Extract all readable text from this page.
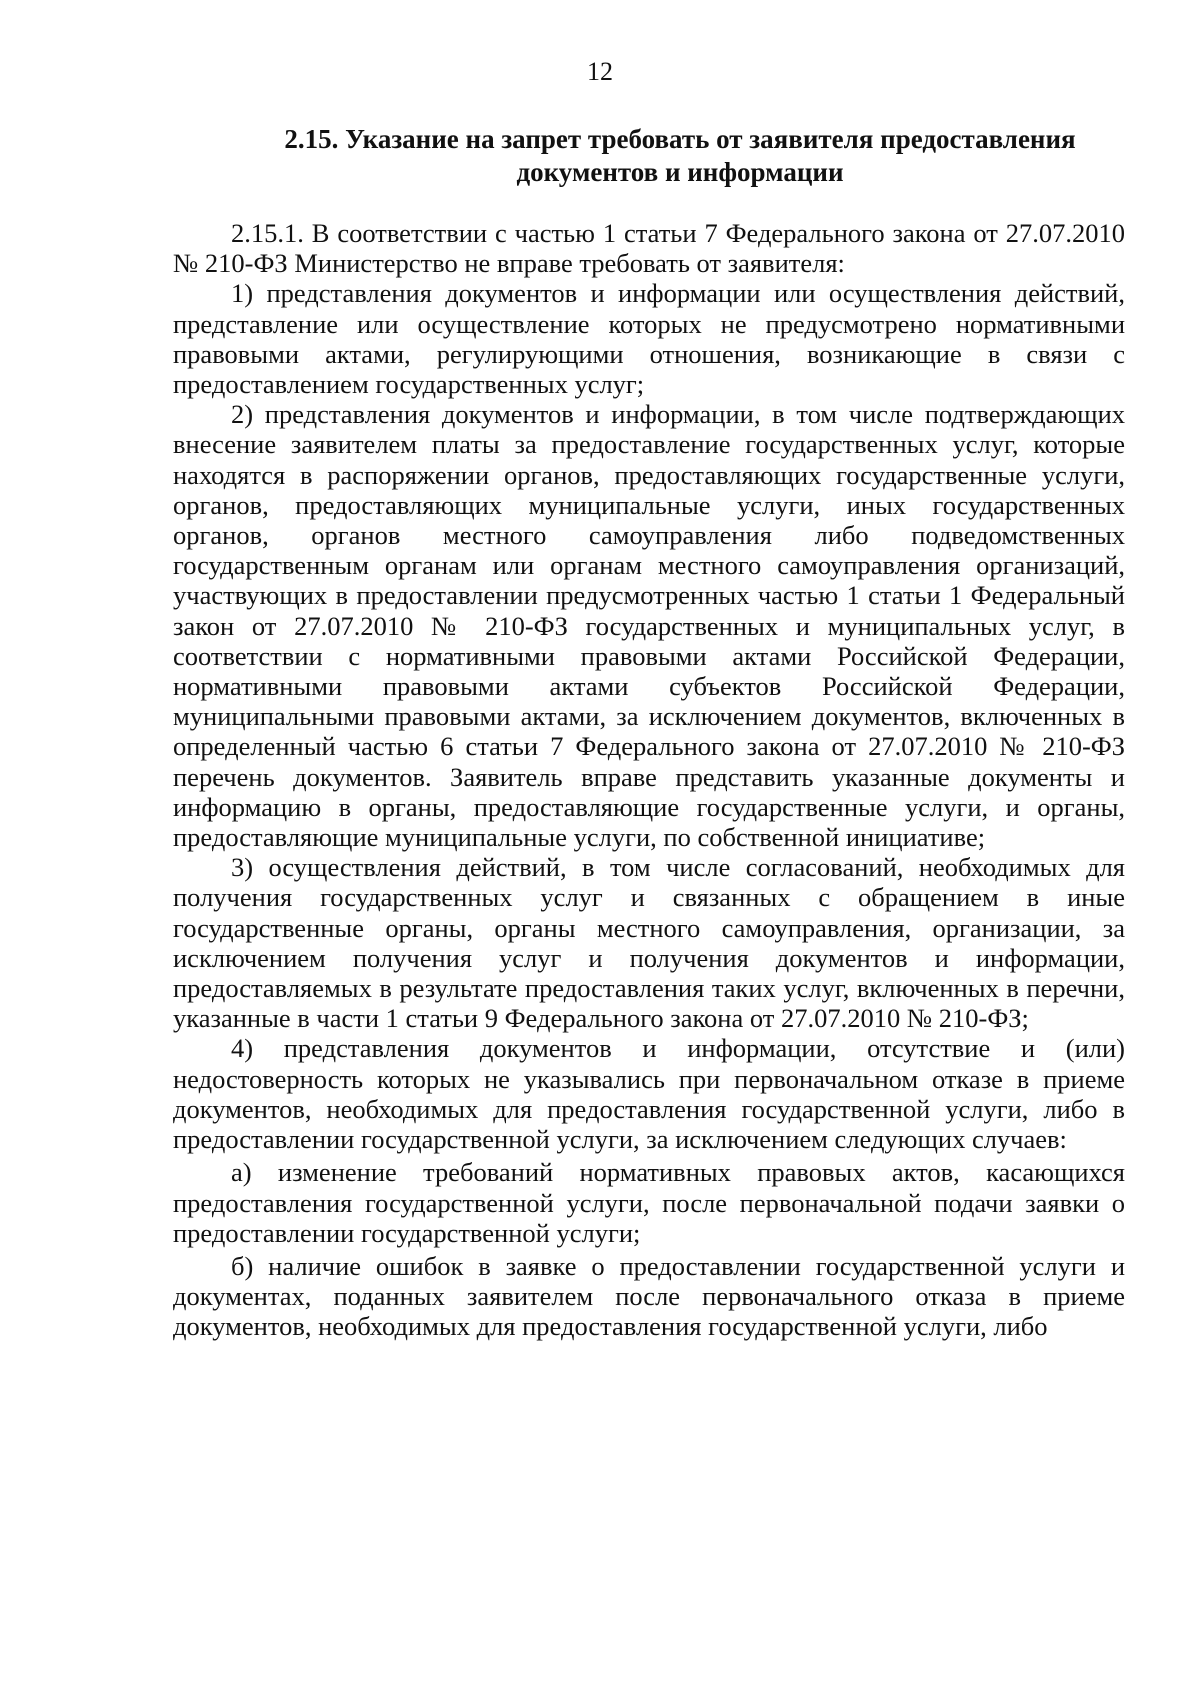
12
2.15. Указание на запрет требовать от заявителя предоставления
документов и информации

2.15.1. В соответствии с частью 1 статьи 7 Федерального закона от 27.07.2010 № 210-ФЗ Министерство не вправе требовать от заявителя:

1) представления документов и информации или осуществления действий, представление или осуществление которых не предусмотрено нормативными правовыми актами, регулирующими отношения, возникающие в связи с предоставлением государственных услуг;

2) представления документов и информации, в том числе подтверждающих внесение заявителем платы за предоставление государственных услуг, которые находятся в распоряжении органов, предоставляющих государственные услуги, органов, предоставляющих муниципальные услуги, иных государственных органов, органов местного самоуправления либо подведомственных государственным органам или органам местного самоуправления организаций, участвующих в предоставлении предусмотренных частью 1 статьи 1 Федеральный закон от 27.07.2010 № 210-ФЗ государственных и муниципальных услуг, в соответствии с нормативными правовыми актами Российской Федерации, нормативными правовыми актами субъектов Российской Федерации, муниципальными правовыми актами, за исключением документов, включенных в определенный частью 6 статьи 7 Федерального закона от 27.07.2010 № 210-ФЗ перечень документов. Заявитель вправе представить указанные документы и информацию в органы, предоставляющие государственные услуги, и органы, предоставляющие муниципальные услуги, по собственной инициативе;

3) осуществления действий, в том числе согласований, необходимых для получения государственных услуг и связанных с обращением в иные государственные органы, органы местного самоуправления, организации, за исключением получения услуг и получения документов и информации, предоставляемых в результате предоставления таких услуг, включенных в перечни, указанные в части 1 статьи 9 Федерального закона от 27.07.2010 № 210-ФЗ;

4) представления документов и информации, отсутствие и (или) недостоверность которых не указывались при первоначальном отказе в приеме документов, необходимых для предоставления государственной услуги, либо в предоставлении государственной услуги, за исключением следующих случаев:

а) изменение требований нормативных правовых актов, касающихся предоставления государственной услуги, после первоначальной подачи заявки о предоставлении государственной услуги;

б) наличие ошибок в заявке о предоставлении государственной услуги и документах, поданных заявителем после первоначального отказа в приеме документов, необходимых для предоставления государственной услуги, либо
